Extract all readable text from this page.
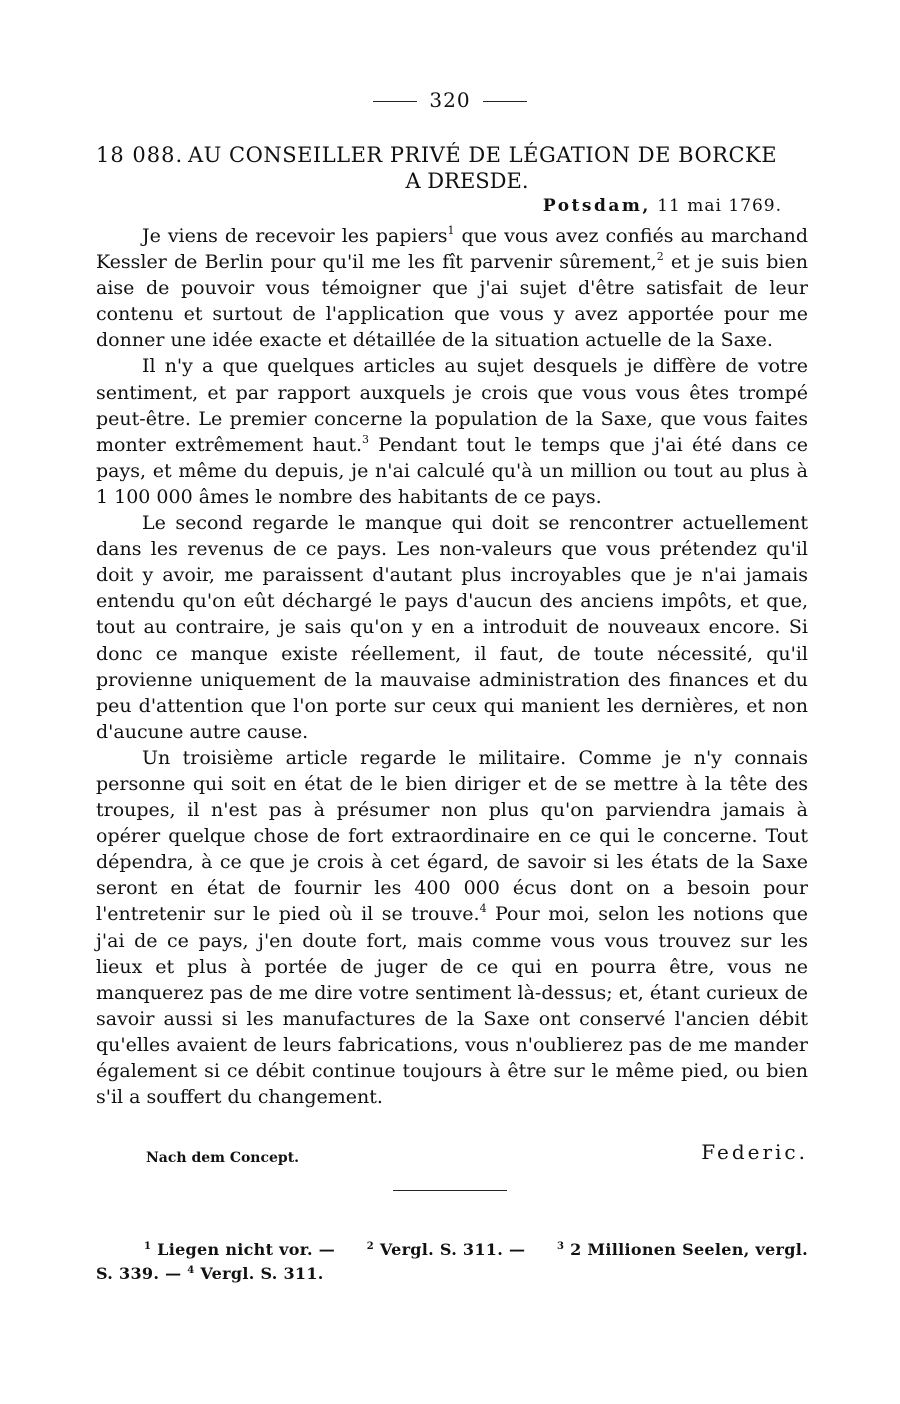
320
18 088. AU CONSEILLER PRIVÉ DE LÉGATION DE BORCKE
A DRESDE.
Potsdam, 11 mai 1769.

Je viens de recevoir les papiers$^1$ que vous avez confiés au marchand Kessler de Berlin pour qu'il me les fît parvenir sûrement,$^2$ et je suis bien aise de pouvoir vous témoigner que j'ai sujet d'être satisfait de leur contenu et surtout de l'application que vous y avez apportée pour me donner une idée exacte et détaillée de la situation actuelle de la Saxe.

Il n'y a que quelques articles au sujet desquels je diffère de votre sentiment, et par rapport auxquels je crois que vous vous êtes trompé peut-être. Le premier concerne la population de la Saxe, que vous faites monter extrêmement haut.$^3$ Pendant tout le temps que j'ai été dans ce pays, et même du depuis, je n'ai calculé qu'à un million ou tout au plus à 1 100 000 âmes le nombre des habitants de ce pays.

Le second regarde le manque qui doit se rencontrer actuellement dans les revenus de ce pays. Les non-valeurs que vous prétendez qu'il doit y avoir, me paraissent d'autant plus incroyables que je n'ai jamais entendu qu'on eût déchargé le pays d'aucun des anciens impôts, et que, tout au contraire, je sais qu'on y en a introduit de nouveaux encore. Si donc ce manque existe réellement, il faut, de toute nécessité, qu'il provienne uniquement de la mauvaise administration des finances et du peu d'attention que l'on porte sur ceux qui manient les dernières, et non d'aucune autre cause.

Un troisième article regarde le militaire. Comme je n'y connais personne qui soit en état de le bien diriger et de se mettre à la tête des troupes, il n'est pas à présumer non plus qu'on parviendra jamais à opérer quelque chose de fort extraordinaire en ce qui le concerne. Tout dépendra, à ce que je crois à cet égard, de savoir si les états de la Saxe seront en état de fournir les 400 000 écus dont on a besoin pour l'entretenir sur le pied où il se trouve.$^4$ Pour moi, selon les notions que j'ai de ce pays, j'en doute fort, mais comme vous vous trouvez sur les lieux et plus à portée de juger de ce qui en pourra être, vous ne manquerez pas de me dire votre sentiment là-dessus; et, étant curieux de savoir aussi si les manufactures de la Saxe ont conservé l'ancien débit qu'elles avaient de leurs fabrications, vous n'oublierez pas de me mander également si ce débit continue toujours à être sur le même pied, ou bien s'il a souffert du changement.

Nach dem Concept.	Federic.
$^1$ Liegen nicht vor. —	$^2$ Vergl. S. 311. —	$^3$ 2 Millionen Seelen, vergl.
S. 339. — $^4$ Vergl. S. 311.
